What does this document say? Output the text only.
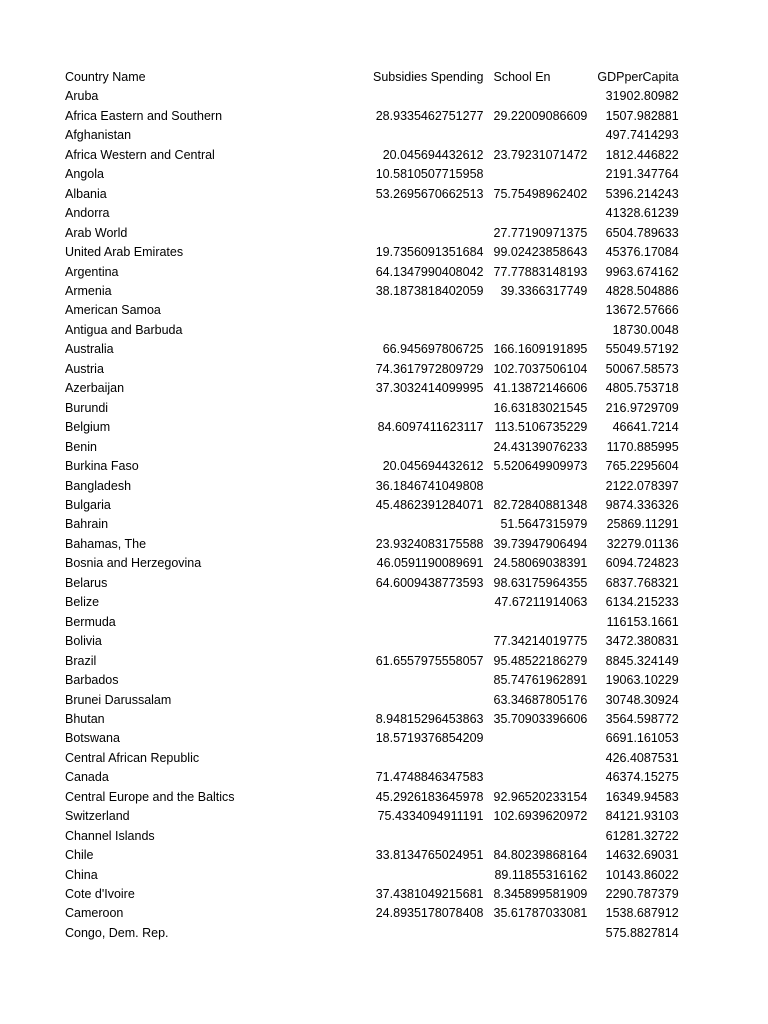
Country Name	Subsidies Spending	School En	GDPperCapita
Aruba			31902.80982
Africa Eastern and Southern	28.9335462751277	29.22009086609	1507.982881
Afghanistan			497.7414293
Africa Western and Central	20.045694432612	23.79231071472	1812.446822
Angola	10.5810507715958		2191.347764
Albania	53.2695670662513	75.75498962402	5396.214243
Andorra			41328.61239
Arab World		27.77190971375	6504.789633
United Arab Emirates	19.7356091351684	99.02423858643	45376.17084
Argentina	64.1347990408042	77.77883148193	9963.674162
Armenia	38.1873818402059	39.3366317749	4828.504886
American Samoa			13672.57666
Antigua and Barbuda			18730.0048
Australia	66.945697806725	166.1609191895	55049.57192
Austria	74.3617972809729	102.7037506104	50067.58573
Azerbaijan	37.3032414099995	41.13872146606	4805.753718
Burundi		16.63183021545	216.9729709
Belgium	84.6097411623117	113.5106735229	46641.7214
Benin		24.43139076233	1170.885995
Burkina Faso	20.045694432612	5.520649909973	765.2295604
Bangladesh	36.1846741049808		2122.078397
Bulgaria	45.4862391284071	82.72840881348	9874.336326
Bahrain		51.5647315979	25869.11291
Bahamas, The	23.9324083175588	39.73947906494	32279.01136
Bosnia and Herzegovina	46.0591190089691	24.58069038391	6094.724823
Belarus	64.6009438773593	98.63175964355	6837.768321
Belize		47.67211914063	6134.215233
Bermuda			116153.1661
Bolivia		77.34214019775	3472.380831
Brazil	61.6557975558057	95.48522186279	8845.324149
Barbados		85.74761962891	19063.10229
Brunei Darussalam		63.34687805176	30748.30924
Bhutan	8.94815296453863	35.70903396606	3564.598772
Botswana	18.5719376854209		6691.161053
Central African Republic			426.4087531
Canada	71.4748846347583		46374.15275
Central Europe and the Baltics	45.2926183645978	92.96520233154	16349.94583
Switzerland	75.4334094911191	102.6939620972	84121.93103
Channel Islands			61281.32722
Chile	33.8134765024951	84.80239868164	14632.69031
China		89.11855316162	10143.86022
Cote d'Ivoire	37.4381049215681	8.345899581909	2290.787379
Cameroon	24.8935178078408	35.61787033081	1538.687912
Congo, Dem. Rep.			575.8827814
